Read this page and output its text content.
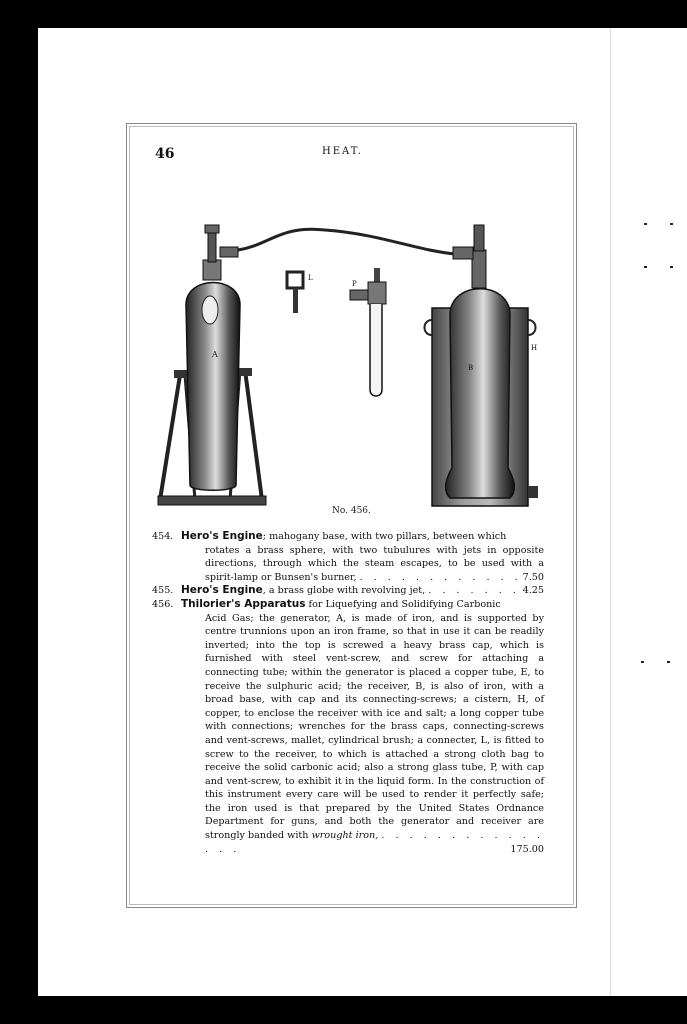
46	HEAT.
A
L
P
H
B
No. 456.
454. Hero's Engine; mahogany base, with two pillars, between which
rotates a brass sphere, with two tubulures with jets in opposite directions, through which the steam escapes, to be used with a spirit-lamp or Bunsen's burner, . . . . . . . . . . . . 7.50
455. Hero's Engine, a brass globe with revolving jet, . . . . . . . 4.25
456. Thilorier's Apparatus for Liquefying and Solidifying Carbonic
Acid Gas; the generator, A, is made of iron, and is supported by centre trunnions upon an iron frame, so that in use it can be readily inverted; into the top is screwed a heavy brass cap, which is furnished with steel vent-screw, and screw for attaching a connecting tube; within the generator is placed a copper tube, E, to receive the sulphuric acid; the receiver, B, is also of iron, with a broad base, with cap and its connecting-screws; a cistern, H, of copper, to enclose the receiver with ice and salt; a long copper tube with connections; wrenches for the brass caps, connecting-screws and vent-screws, mallet, cylindrical brush; a connecter, L, is fitted to screw to the receiver, to which is attached a strong cloth bag to receive the solid carbonic acid; also a strong glass tube, P, with cap and vent-screw, to exhibit it in the liquid form. In the construction of this instrument every care will be used to render it perfectly safe; the iron used is that prepared by the United States Ordnance Department for guns, and both the generator and receiver are strongly banded with wrought iron, . . . . . . . . . . . . . . .	175.00
